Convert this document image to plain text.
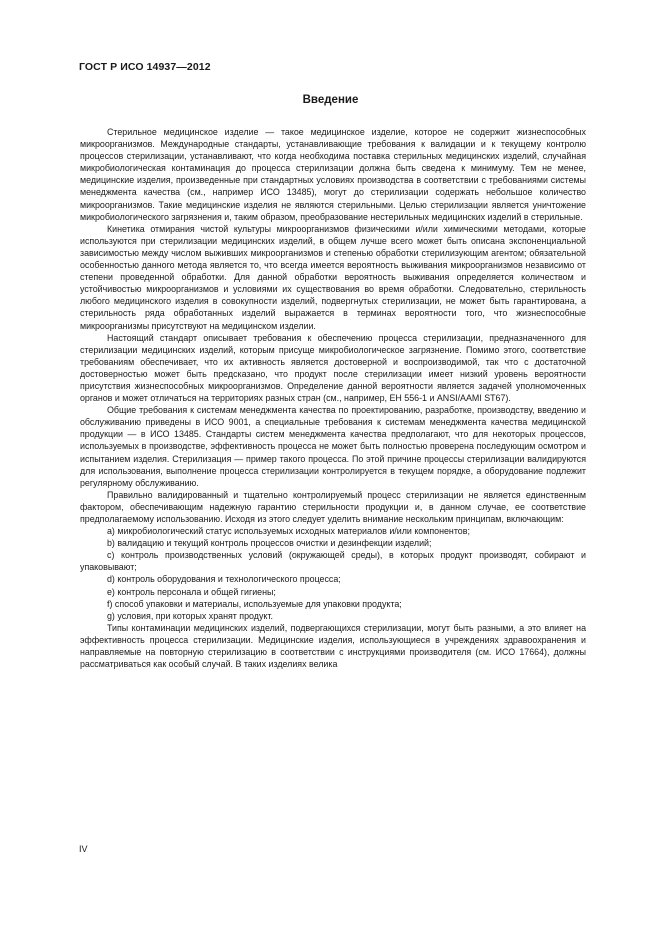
ГОСТ Р ИСО 14937—2012
Введение

Стерильное медицинское изделие — такое медицинское изделие, которое не содержит жизнеспособных микроорганизмов. Международные стандарты, устанавливающие требования к валидации и к текущему контролю процессов стерилизации, устанавливают, что когда необходима поставка стерильных медицинских изделий, случайная микробиологическая контаминация до процесса стерилизации должна быть сведена к минимуму. Тем не менее, медицинские изделия, произведенные при стандартных условиях производства в соответствии с требованиями системы менеджмента качества (см., например ИСО 13485), могут до стерилизации содержать небольшое количество микроорганизмов. Такие медицинские изделия не являются стерильными. Целью стерилизации является уничтожение микробиологического загрязнения и, таким образом, преобразование нестерильных медицинских изделий в стерильные.

Кинетика отмирания чистой культуры микроорганизмов физическими и/или химическими методами, которые используются при стерилизации медицинских изделий, в общем лучше всего может быть описана экспоненциальной зависимостью между числом выживших микроорганизмов и степенью обработки стерилизующим агентом; обязательной особенностью данного метода является то, что всегда имеется вероятность выживания микроорганизмов независимо от степени проведенной обработки. Для данной обработки вероятность выживания определяется количеством и устойчивостью микроорганизмов и условиями их существования во время обработки. Следовательно, стерильность любого медицинского изделия в совокупности изделий, подвергнутых стерилизации, не может быть гарантирована, а стерильность ряда обработанных изделий выражается в терминах вероятности того, что жизнеспособные микроорганизмы присутствуют на медицинском изделии.

Настоящий стандарт описывает требования к обеспечению процесса стерилизации, предназначенного для стерилизации медицинских изделий, которым присуще микробиологическое загрязнение. Помимо этого, соответствие требованиям обеспечивает, что их активность является достоверной и воспроизводимой, так что с достаточной достоверностью может быть предсказано, что продукт после стерилизации имеет низкий уровень вероятности присутствия жизнеспособных микроорганизмов. Определение данной вероятности является задачей уполномоченных органов и может отличаться на территориях разных стран (см., например, ЕН 556-1 и ANSI/AAMI ST67).

Общие требования к системам менеджмента качества по проектированию, разработке, производству, введению и обслуживанию приведены в ИСО 9001, а специальные требования к системам менеджмента качества медицинской продукции — в ИСО 13485. Стандарты систем менеджмента качества предполагают, что для некоторых процессов, используемых в производстве, эффективность процесса не может быть полностью проверена последующим осмотром и испытанием изделия. Стерилизация — пример такого процесса. По этой причине процессы стерилизации валидируются для использования, выполнение процесса стерилизации контролируется в текущем порядке, а оборудование подлежит регулярному обслуживанию.

Правильно валидированный и тщательно контролируемый процесс стерилизации не является единственным фактором, обеспечивающим надежную гарантию стерильности продукции и, в данном случае, ее соответствие предполагаемому использованию. Исходя из этого следует уделить внимание нескольким принципам, включающим:

a) микробиологический статус используемых исходных материалов и/или компонентов;

b) валидацию и текущий контроль процессов очистки и дезинфекции изделий;

c) контроль производственных условий (окружающей среды), в которых продукт производят, собирают и упаковывают;

d) контроль оборудования и технологического процесса;

e) контроль персонала и общей гигиены;

f) способ упаковки и материалы, используемые для упаковки продукта;

g) условия, при которых хранят продукт.

Типы контаминации медицинских изделий, подвергающихся стерилизации, могут быть разными, а это влияет на эффективность процесса стерилизации. Медицинские изделия, использующиеся в учреждениях здравоохранения и направляемые на повторную стерилизацию в соответствии с инструкциями производителя (см. ИСО 17664), должны рассматриваться как особый случай. В таких изделиях велика

IV
